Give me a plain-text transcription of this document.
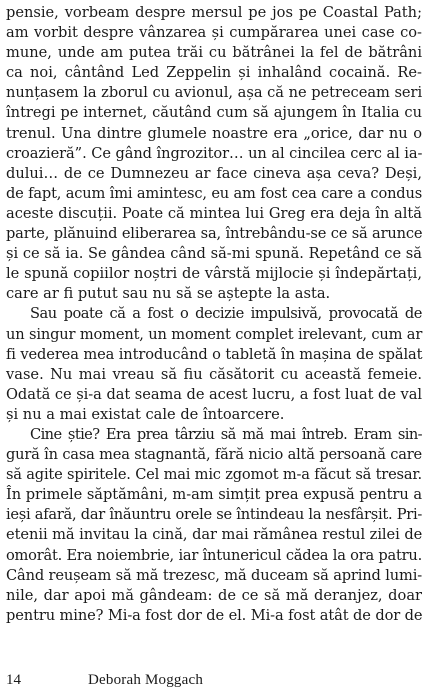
pensie, vorbeam despre mersul pe jos pe Coastal Path;
am vorbit despre vânzarea și cumpărarea unei case co-
mune, unde am putea trăi cu bătrânei la fel de bătrâni
ca noi, cântând Led Zeppelin și inhalând cocaină. Re-
nunțasem la zborul cu avionul, așa că ne petreceam seri
întregi pe internet, căutând cum să ajungem în Italia cu
trenul. Una dintre glumele noastre era „orice, dar nu o
croazieră”. Ce gând îngrozitor… un al cincilea cerc al ia-
dului… de ce Dumnezeu ar face cineva așa ceva? Deși,
de fapt, acum îmi amintesc, eu am fost cea care a condus
aceste discuții. Poate că mintea lui Greg era deja în altă
parte, plănuind eliberarea sa, întrebându-se ce să arunce
și ce să ia. Se gândea când să-mi spună. Repetând ce să
le spună copiilor noștri de vârstă mijlocie și îndepărtați,
care ar fi putut sau nu să se aștepte la asta.

Sau poate că a fost o decizie impulsivă, provocată de
un singur moment, un moment complet irelevant, cum ar
fi vederea mea introducând o tabletă în mașina de spălat
vase. Nu mai vreau să fiu căsătorit cu această femeie.
Odată ce și-a dat seama de acest lucru, a fost luat de val
și nu a mai existat cale de întoarcere.

Cine știe? Era prea târziu să mă mai întreb. Eram sin-
gură în casa mea stagnantă, fără nicio altă persoană care
să agite spiritele. Cel mai mic zgomot m-a făcut să tresar.
În primele săptămâni, m-am simțit prea expusă pentru a
ieși afară, dar înăuntru orele se întindeau la nesfârșit. Pri-
etenii mă invitau la cină, dar mai rămânea restul zilei de
omorât. Era noiembrie, iar întunericul cădea la ora patru.
Când reușeam să mă trezesc, mă duceam să aprind lumi-
nile, dar apoi mă gândeam: de ce să mă deranjez, doar
pentru mine? Mi-a fost dor de el. Mi-a fost atât de dor de

14	Deborah Moggach
